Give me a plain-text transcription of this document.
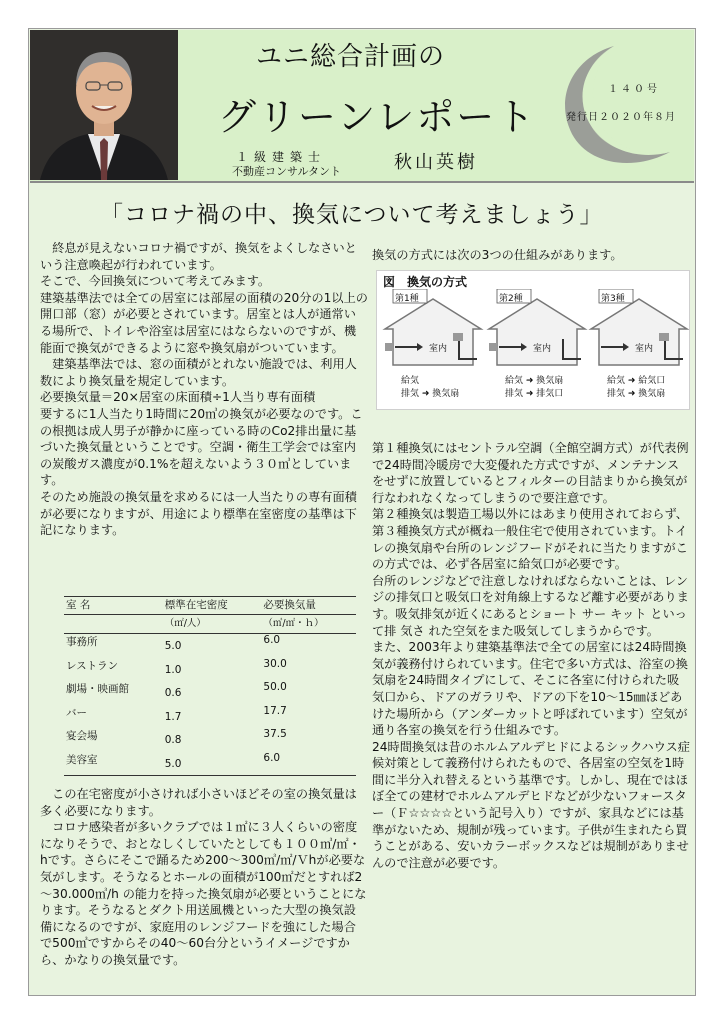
ユニ総合計画の
グリーンレポート
１級建築士
不動産コンサルタント	秋山英樹
１４０号
発行日２０２０年８月
「コロナ禍の中、換気について考えましょう」

　終息が見えないコロナ禍ですが、換気をよくしなさいという注意喚起が行われています。

そこで、今回換気について考えてみます。

建築基準法では全ての居室には部屋の面積の20分の1以上の開口部（窓）が必要とされています。居室とは人が通常いる場所で、トイレや浴室は居室にはならないのですが、機能面で換気ができるように窓や換気扇がついています。

　建築基準法では、窓の面積がとれない施設では、利用人数により換気量を規定しています。

必要換気量＝20×居室の床面積÷1人当り専有面積

要するに1人当たり1時間に20㎥の換気が必要なのです。この根拠は成人男子が静かに座っている時のCo2排出量に基づいた換気量ということです。空調・衛生工学会では室内の炭酸ガス濃度が0.1%を超えないよう３０㎥としています。

そのため施設の換気量を求めるには一人当たりの専有面積が必要になりますが、用途により標準在室密度の基準は下記になります。

室 名	標準在宅密度	必要換気量
	（㎡/人）	（㎥/㎡・ｈ）
事務所	5.0	6.0
レストラン	1.0	30.0
劇場・映画館	0.6	50.0
バー	1.7	17.7
宴会場	0.8	37.5
美容室	5.0	6.0

　この在宅密度が小さければ小さいほどその室の換気量は多く必要になります。

　コロナ感染者が多いクラブでは１㎡に３人くらいの密度になりそうで、おとなしくしていたとしても１００㎥/㎡・hです。さらにそこで踊るため200～300㎥/㎡/Ｖhが必要な気がします。そうなるとホールの面積が100㎡だとすれば2～30.000㎥/h の能力を持った換気扇が必要ということになります。そうなるとダクト用送風機といった大型の換気設備になるのですが、家庭用のレンジフードを強にした場合で500㎥ですからその40～60台分というイメージですから、かなりの換気量です。

換気の方式には次の3つの仕組みがあります。
図　換気の方式
第1種	第2種	第3種
室内	室内	室内
給気
排気 ➜ 換気扇
給気 ➜ 換気扇
排気 ➜ 排気口
給気 ➜ 給気口
排気 ➜ 換気扇

第１種換気にはセントラル空調（全館空調方式）が代表例で24時間冷暖房で大変優れた方式ですが、メンテナンスをせずに放置しているとフィルターの目詰まりから換気が行なわれなくなってしまうので要注意です。

第２種換気は製造工場以外にはあまり使用されておらず、第３種換気方式が概ね一般住宅で使用されています。トイレの換気扇や台所のレンジフードがそれに当たりますがこの方式では、必ず各居室に給気口が必要です。

台所のレンジなどで注意しなければならないことは、レンジの排気口と吸気口を対角線上するなど離す必要があります。吸気排気が近くにあるとショート サー キット といっ て排 気さ れた空気をまた吸気してしまうからです。

また、2003年より建築基準法で全ての居室には24時間換気が義務付けられています。住宅で多い方式は、浴室の換気扇を24時間タイプにして、そこに各室に付けられた吸気口から、ドアのガラリや、ドアの下を10～15㎜ほどあけた場所から（アンダーカットと呼ばれています）空気が通り各室の換気を行う仕組みです。

24時間換気は昔のホルムアルデヒドによるシックハウス症候対策として義務付けられたもので、各居室の空気を1時間に半分入れ替えるという基準です。しかし、現在ではほぼ全ての建材でホルムアルデヒドなどが少ないフォースター（Ｆ☆☆☆☆という記号入り）ですが、家具などには基準がないため、規制が残っています。子供が生まれたら買うことがある、安いカラーボックスなどは規制がありませんので注意が必要です。
